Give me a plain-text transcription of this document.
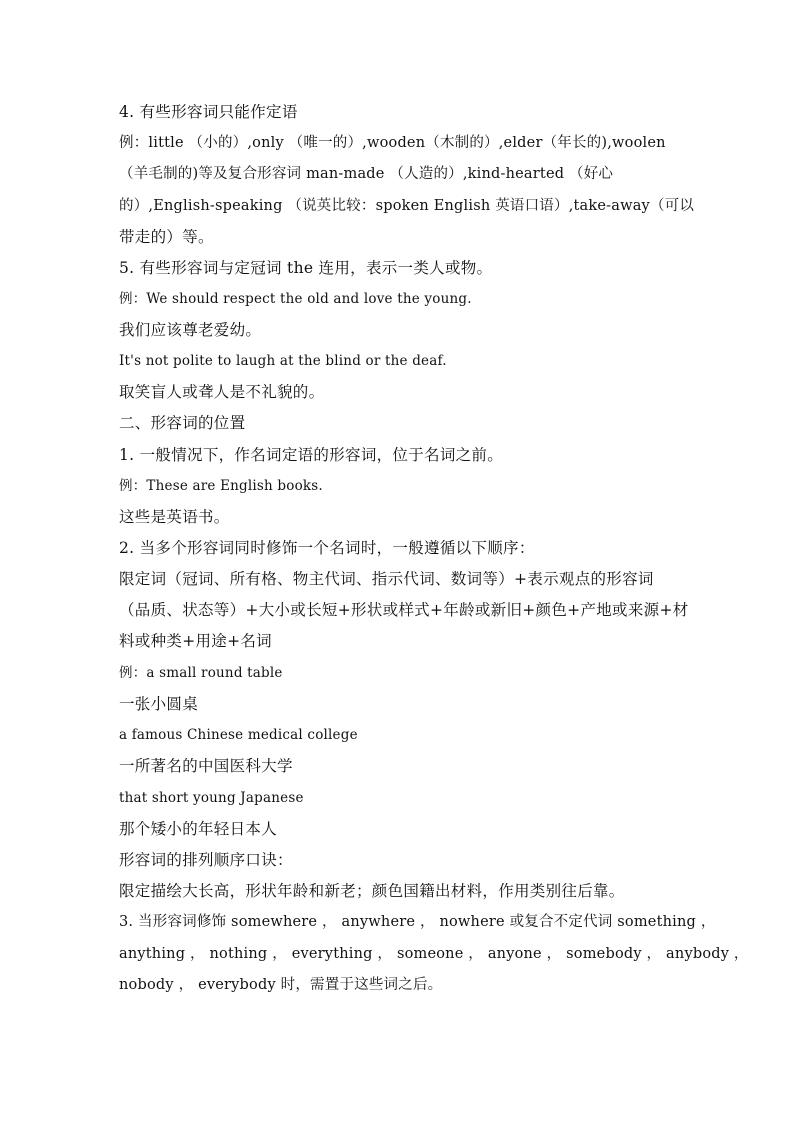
4. 有些形容词只能作定语
例：little （小的）,only （唯一的）,wooden（木制的）,elder（年长的),woolen
（羊毛制的)等及复合形容词 man-made （人造的）,kind-hearted （好心
的）,English-speaking （说英比较：spoken English 英语口语）,take-away（可以
带走的）等。
5. 有些形容词与定冠词 the 连用，表示一类人或物。
例：We should respect the old and love the young.
我们应该尊老爱幼。
It's not polite to laugh at the blind or the deaf.
取笑盲人或聋人是不礼貌的。
二、形容词的位置
1. 一般情况下，作名词定语的形容词，位于名词之前。
例：These are English books.
这些是英语书。
2. 当多个形容词同时修饰一个名词时，一般遵循以下顺序：
限定词（冠词、所有格、物主代词、指示代词、数词等）+表示观点的形容词
（品质、状态等）+大小或长短+形状或样式+年龄或新旧+颜色+产地或来源+材
料或种类+用途+名词
例：a small round table
一张小圆桌
a famous Chinese medical college
一所著名的中国医科大学
that short young Japanese
那个矮小的年轻日本人
形容词的排列顺序口诀：
限定描绘大长高，形状年龄和新老；颜色国籍出材料，作用类别往后靠。
3. 当形容词修饰 somewhere ， anywhere ， nowhere 或复合不定代词 something ，
anything ， nothing ， everything ， someone ， anyone ， somebody ， anybody ，
nobody ， everybody 时，需置于这些词之后。
